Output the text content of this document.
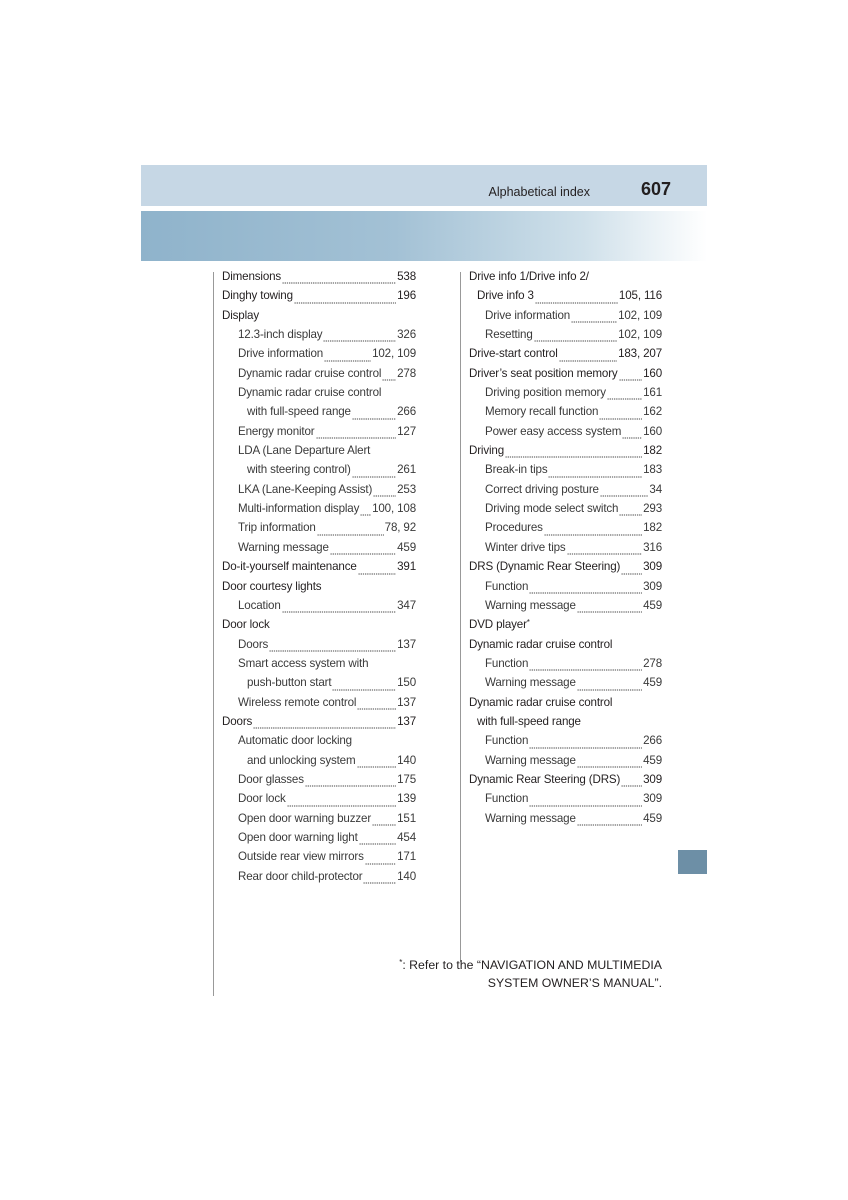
Alphabetical index	607
Dimensions	538
Dinghy towing	196
Display
12.3-inch display	326
Drive information	102, 109
Dynamic radar cruise control 278
Dynamic radar cruise control
with full-speed range	266
Energy monitor	127
LDA (Lane Departure Alert
with steering control)	261
LKA (Lane-Keeping Assist) 253
Multi-information display 100, 108
Trip information	78, 92
Warning message	459
Do-it-yourself maintenance	391
Door courtesy lights
Location	347
Door lock
Doors	137
Smart access system with
push-button start	150
Wireless remote control	137
Doors	137
Automatic door locking
and unlocking system	140
Door glasses	175
Door lock	139
Open door warning buzzer 151
Open door warning light	454
Outside rear view mirrors	171
Rear door child-protector	140
Drive info 1/Drive info 2/
Drive info 3	105, 116
Drive information	102, 109
Resetting	102, 109
Drive-start control	183, 207
Driver’s seat position memory 160
Driving position memory	161
Memory recall function	162
Power easy access system 160
Driving	182
Break-in tips	183
Correct driving posture	34
Driving mode select switch 293
Procedures	182
Winter drive tips	316
DRS (Dynamic Rear Steering) 309
Function	309
Warning message	459
DVD player *
Dynamic radar cruise control
Function	278
Warning message	459
Dynamic radar cruise control
with full-speed range
Function	266
Warning message	459
Dynamic Rear Steering (DRS) 309
Function	309
Warning message	459
*: Refer to the “NAVIGATION AND MULTIMEDIA
SYSTEM OWNER’S MANUAL”.
